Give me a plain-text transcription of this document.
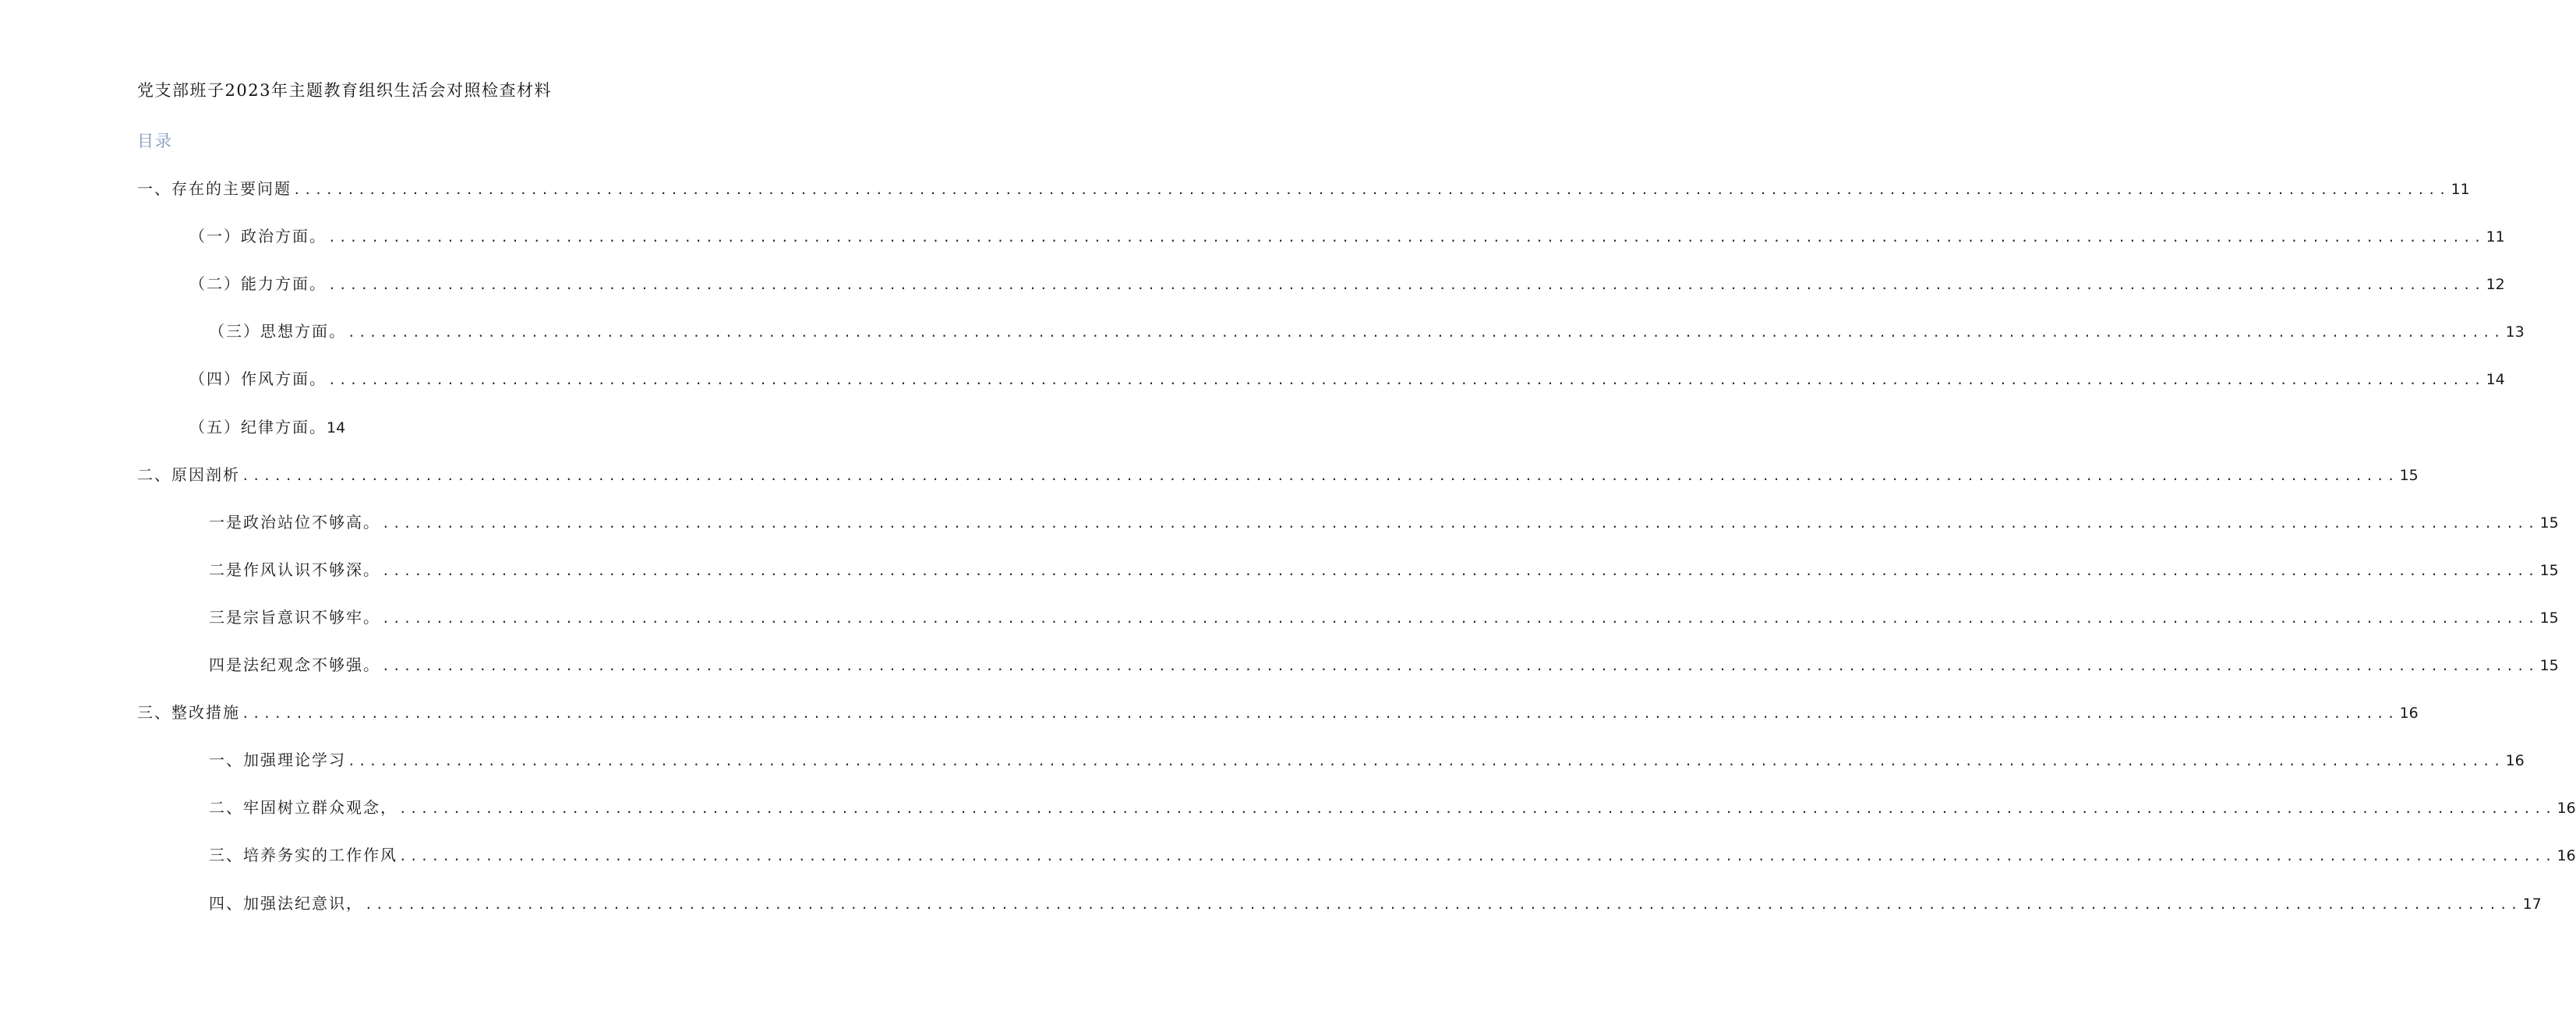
党支部班子2023年主题教育组织生活会对照检查材料
目录
一、存在的主要问题 ........................................................................................................................................................................................................ 11
（一）政治方面。 ........................................................................................................................................................................................................ 11
（二）能力方面。 ........................................................................................................................................................................................................ 12
（三）思想方面。 ........................................................................................................................................................................................................ 13
（四）作风方面。 ........................................................................................................................................................................................................ 14
（五）纪律方面。 14
二、原因剖析 ........................................................................................................................................................................................................ 15
一是政治站位不够高。 ........................................................................................................................................................................................................ 15
二是作风认识不够深。 ........................................................................................................................................................................................................ 15
三是宗旨意识不够牢。 ........................................................................................................................................................................................................ 15
四是法纪观念不够强。 ........................................................................................................................................................................................................ 15
三、整改措施 ........................................................................................................................................................................................................ 16
一、加强理论学习 ........................................................................................................................................................................................................ 16
二、牢固树立群众观念， ........................................................................................................................................................................................................ 16
三、培养务实的工作作风 ........................................................................................................................................................................................................ 16
四、加强法纪意识， ........................................................................................................................................................................................................ 17
